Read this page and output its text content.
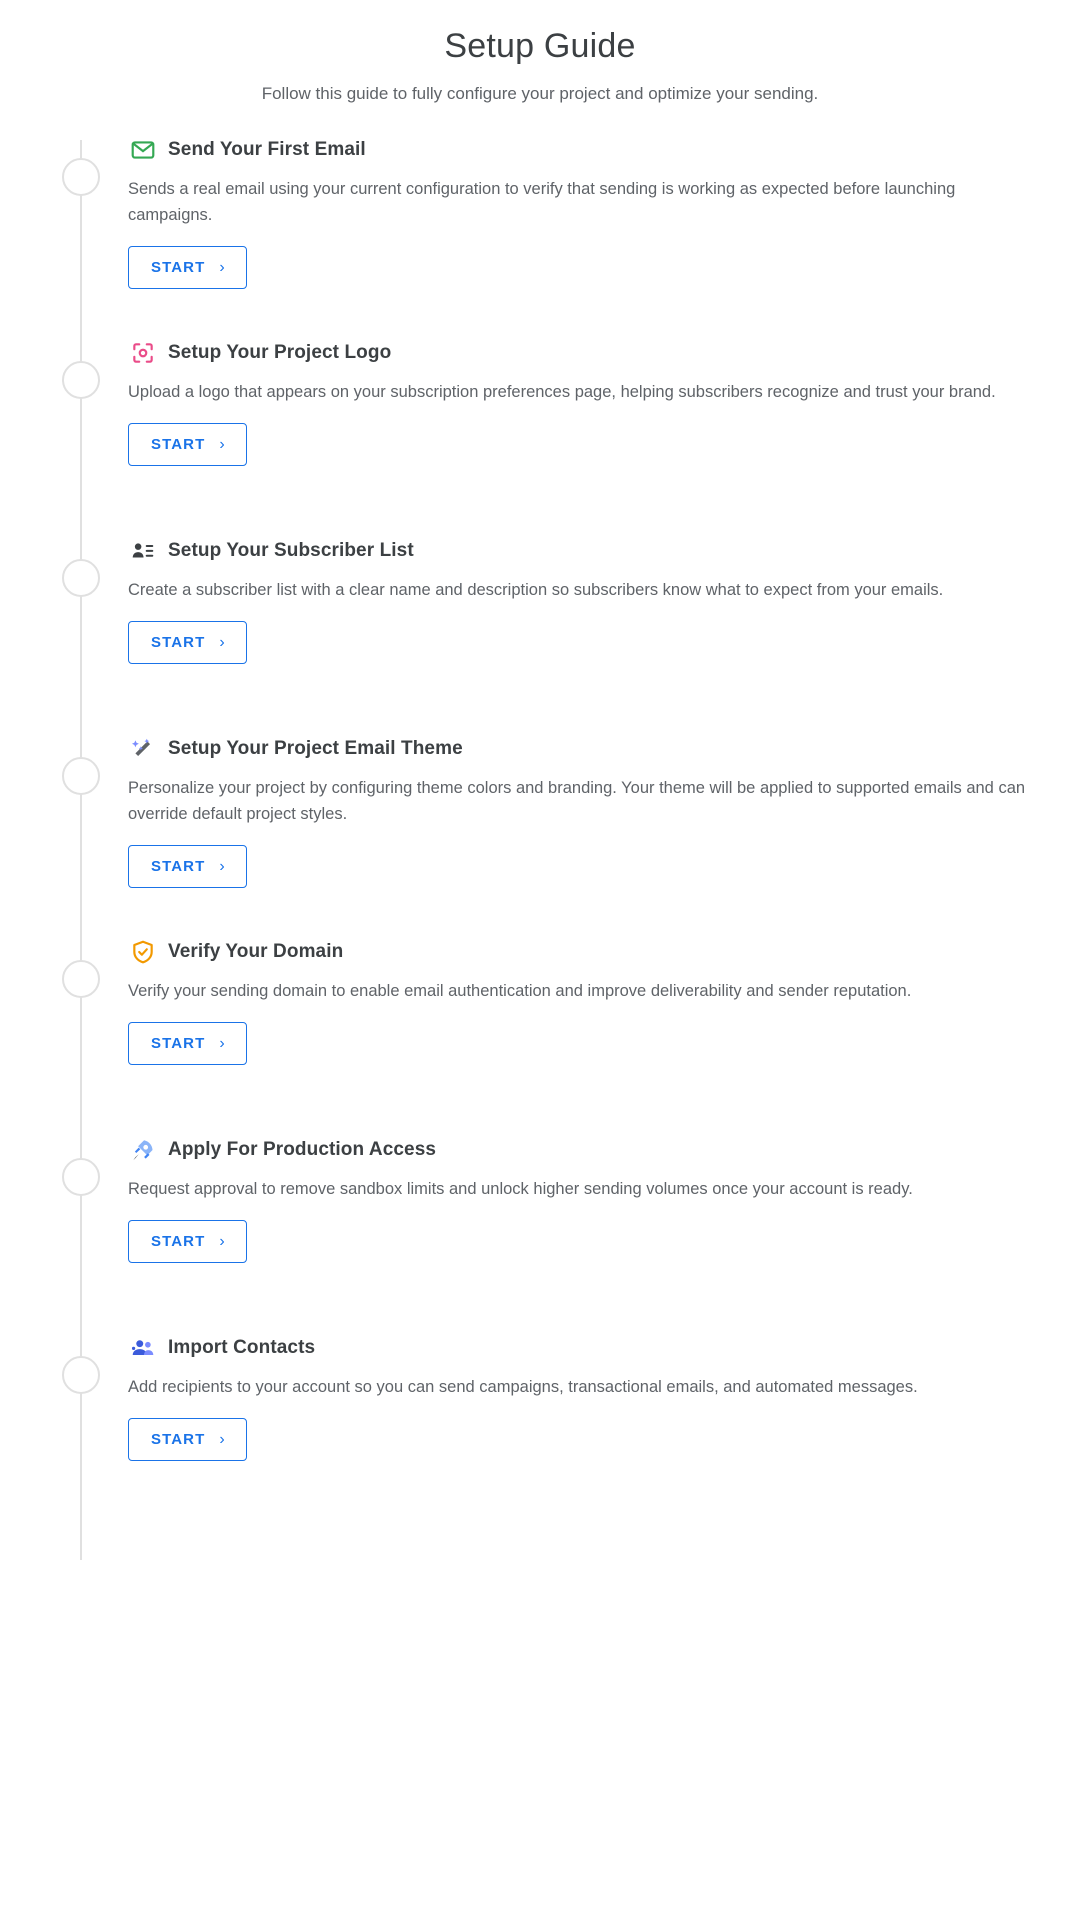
Setup Guide

Follow this guide to fully configure your project and optimize your sending.

Send Your First Email
Sends a real email using your current configuration to verify that sending is working as expected before launching campaigns.
START ›
Setup Your Project Logo
Upload a logo that appears on your subscription preferences page, helping subscribers recognize and trust your brand.
START ›
Setup Your Subscriber List
Create a subscriber list with a clear name and description so subscribers know what to expect from your emails.
START ›
Setup Your Project Email Theme
Personalize your project by configuring theme colors and branding. Your theme will be applied to supported emails and can override default project styles.
START ›
Verify Your Domain
Verify your sending domain to enable email authentication and improve deliverability and sender reputation.
START ›
Apply For Production Access
Request approval to remove sandbox limits and unlock higher sending volumes once your account is ready.
START ›
Import Contacts
Add recipients to your account so you can send campaigns, transactional emails, and automated messages.
START ›
